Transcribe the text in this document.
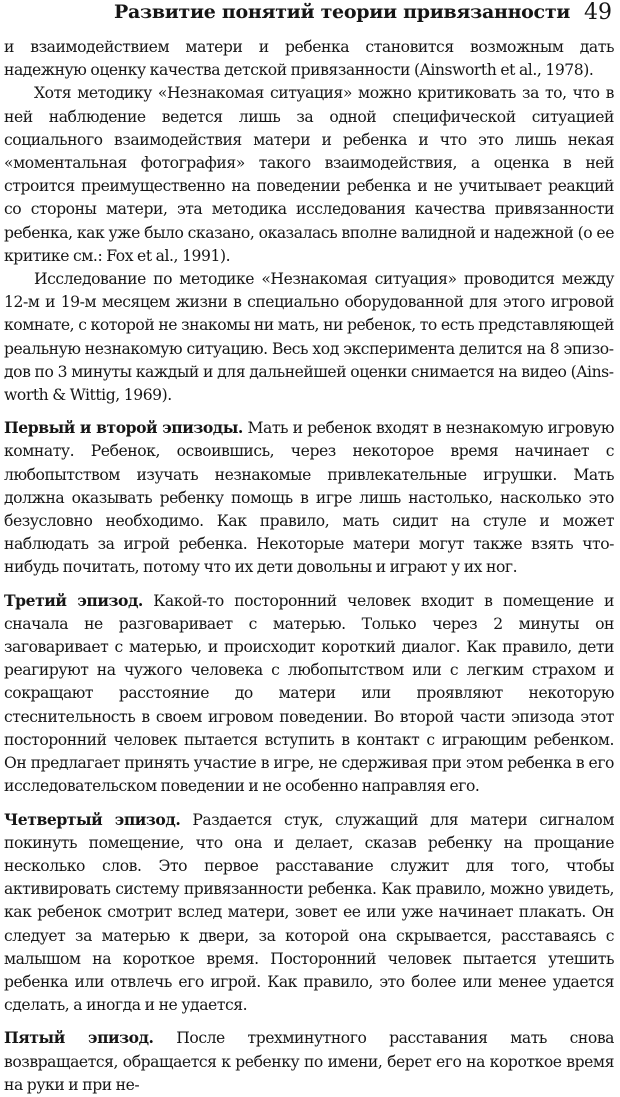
Развитие понятий теории привязанности 49

и взаимодействием матери и ребенка становится возможным дать надежную оценку качества детской привязанности (Ainsworth et al., 1978).

Хотя методику «Незнакомая ситуация» можно критиковать за то, что в ней наблюдение ведется лишь за одной специфической ситуацией социального взаимодействия матери и ребенка и что это лишь некая «моментальная фотография» такого взаимодействия, а оценка в ней строится преимущественно на поведении ребенка и не учитывает реакций со стороны матери, эта методика исследования качества привязанности ребенка, как уже было сказано, оказалась вполне валидной и надежной (о ее критике см.: Fox et al., 1991).

Исследование по методике «Незнакомая ситуация» проводится между 12-м и 19-м месяцем жизни в специально оборудованной для этого игровой комнате, с которой не знакомы ни мать, ни ребенок, то есть представляющей реальную незнакомую ситуацию. Весь ход эксперимента делится на 8 эпизодов по 3 минуты каждый и для дальнейшей оценки снимается на видео (Ainsworth & Wittig, 1969).

Первый и второй эпизоды. Мать и ребенок входят в незнакомую игровую комнату. Ребенок, освоившись, через некоторое время начинает с любопытством изучать незнакомые привлекательные игрушки. Мать должна оказывать ребенку помощь в игре лишь настолько, насколько это безусловно необходимо. Как правило, мать сидит на стуле и может наблюдать за игрой ребенка. Некоторые матери могут также взять что-нибудь почитать, потому что их дети довольны и играют у их ног.

Третий эпизод. Какой-то посторонний человек входит в помещение и сначала не разговаривает с матерью. Только через 2 минуты он заговаривает с матерью, и происходит короткий диалог. Как правило, дети реагируют на чужого человека с любопытством или с легким страхом и сокращают расстояние до матери или проявляют некоторую стеснительность в своем игровом поведении. Во второй части эпизода этот посторонний человек пытается вступить в контакт с играющим ребенком. Он предлагает принять участие в игре, не сдерживая при этом ребенка в его исследовательском поведении и не особенно направляя его.

Четвертый эпизод. Раздается стук, служащий для матери сигналом покинуть помещение, что она и делает, сказав ребенку на прощание несколько слов. Это первое расставание служит для того, чтобы активировать систему привязанности ребенка. Как правило, можно увидеть, как ребенок смотрит вслед матери, зовет ее или уже начинает плакать. Он следует за матерью к двери, за которой она скрывается, расставаясь с малышом на короткое время. Посторонний человек пытается утешить ребенка или отвлечь его игрой. Как правило, это более или менее удается сделать, а иногда и не удается.

Пятый эпизод. После трехминутного расставания мать снова возвращается, обращается к ребенку по имени, берет его на короткое время на руки и при не-
